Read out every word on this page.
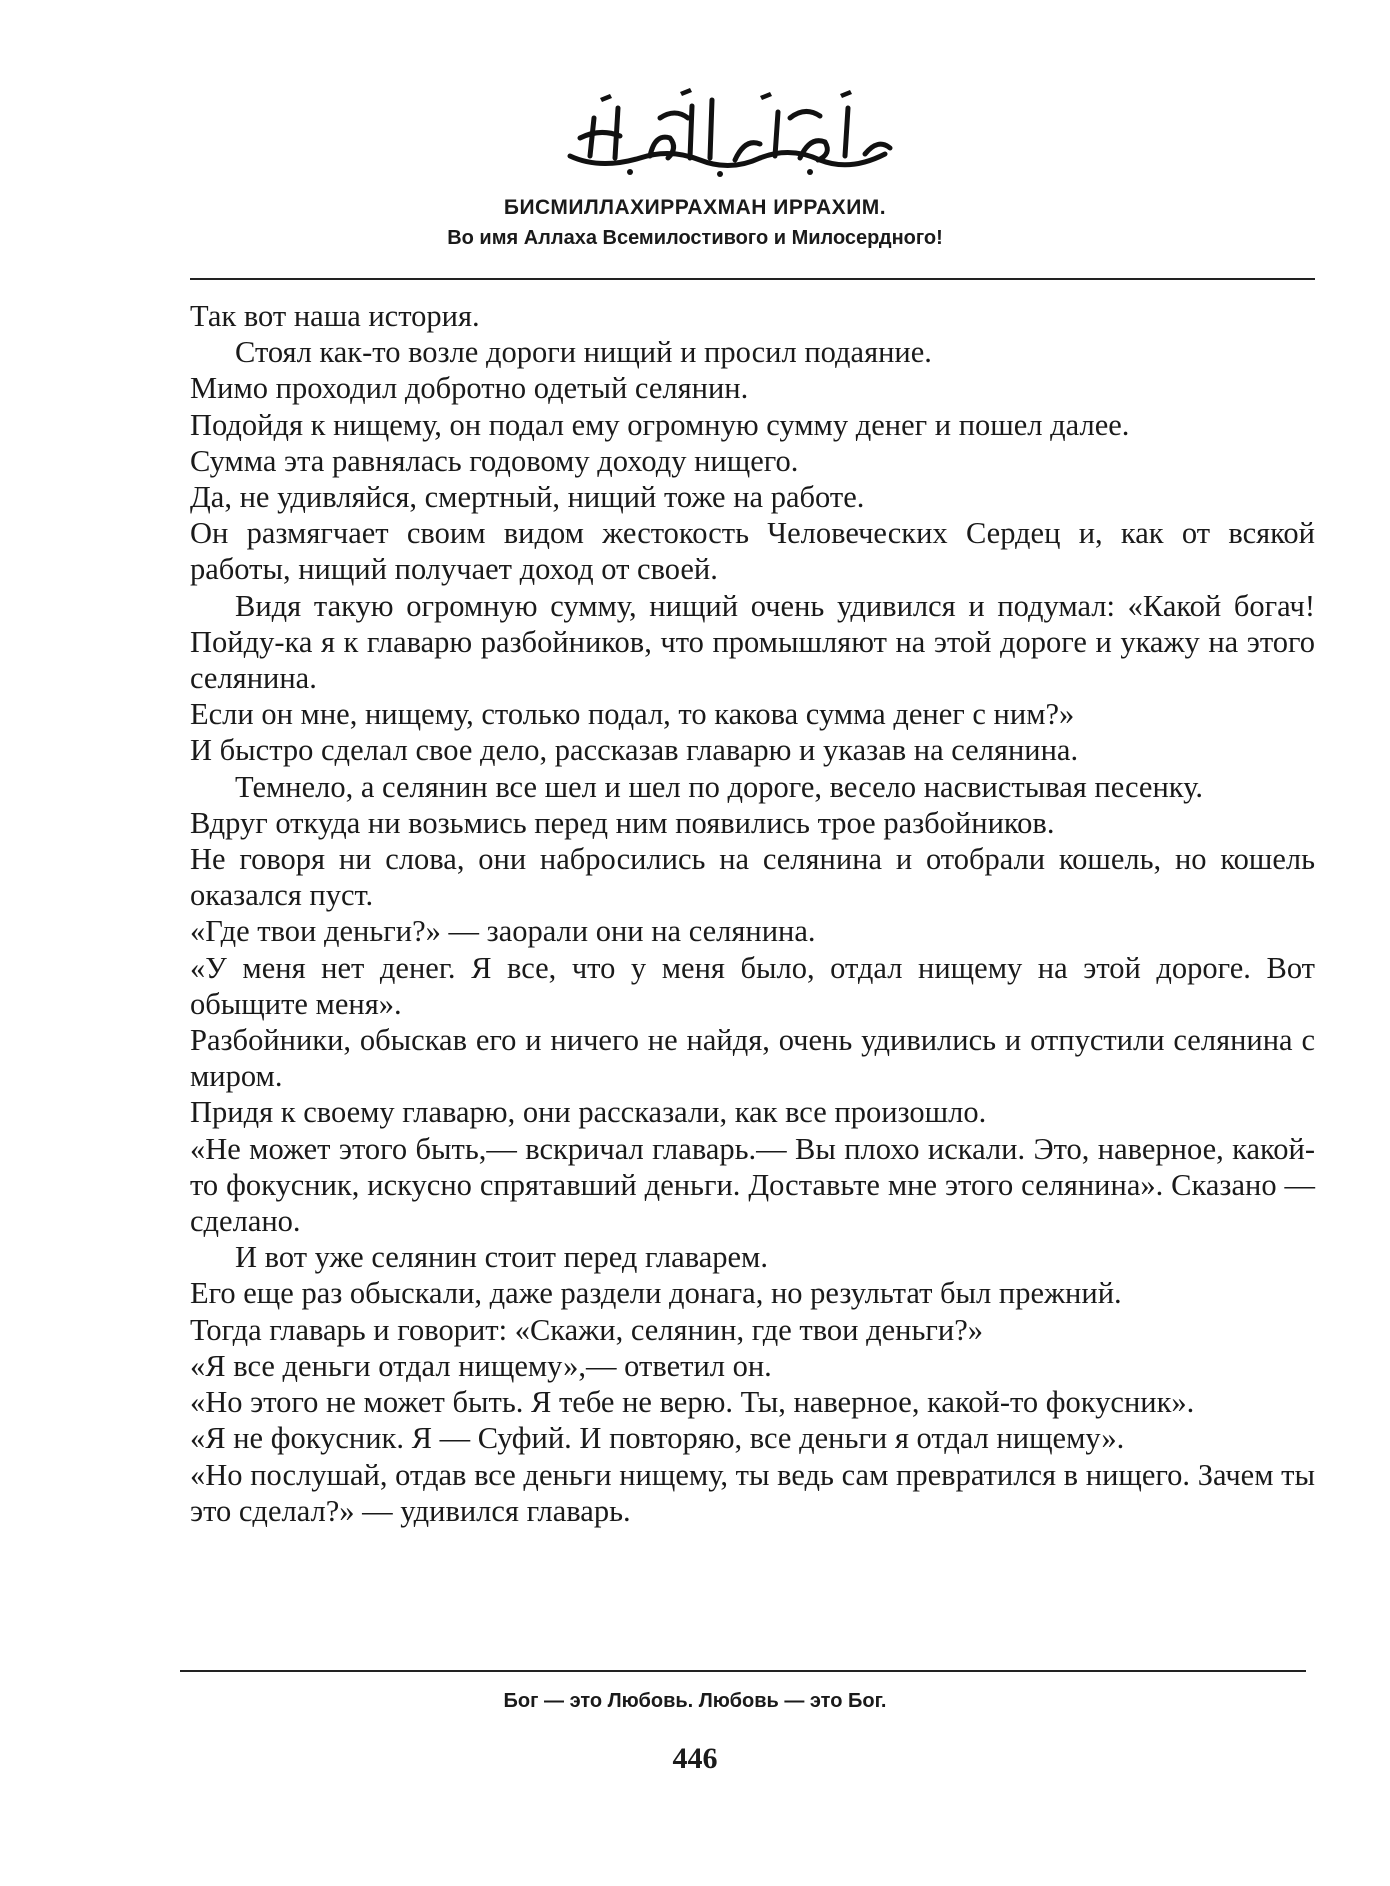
БИСМИЛЛАХИРРАХМАН ИРРАХИМ.
Во имя Аллаха Всемилостивого и Милосердного!

Так вот наша история.

Стоял как-то возле дороги нищий и просил подаяние.

Мимо проходил добротно одетый селянин.

Подойдя к нищему, он подал ему огромную сумму денег и пошел далее.

Сумма эта равнялась годовому доходу нищего.

Да, не удивляйся, смертный, нищий тоже на работе.

Он размягчает своим видом жестокость Человеческих Сердец и, как от всякой работы, нищий получает доход от своей.

Видя такую огромную сумму, нищий очень удивился и подумал: «Какой богач! Пойду-ка я к главарю разбойников, что промышляют на этой дороге и укажу на этого селянина.

Если он мне, нищему, столько подал, то какова сумма денег с ним?»

И быстро сделал свое дело, рассказав главарю и указав на селянина.

Темнело, а селянин все шел и шел по дороге, весело насвистывая песенку.

Вдруг откуда ни возьмись перед ним появились трое разбойников.

Не говоря ни слова, они набросились на селянина и отобрали кошель, но кошель оказался пуст.

«Где твои деньги?» — заорали они на селянина.

«У меня нет денег. Я все, что у меня было, отдал нищему на этой дороге. Вот обыщите меня».

Разбойники, обыскав его и ничего не найдя, очень удивились и отпустили селянина с миром.

Придя к своему главарю, они рассказали, как все произошло.

«Не может этого быть,— вскричал главарь.— Вы плохо искали. Это, наверное, какой-то фокусник, искусно спрятавший деньги. Доставьте мне этого селянина». Сказано — сделано.

И вот уже селянин стоит перед главарем.

Его еще раз обыскали, даже раздели донага, но результат был прежний.

Тогда главарь и говорит: «Скажи, селянин, где твои деньги?»

«Я все деньги отдал нищему»,— ответил он.

«Но этого не может быть. Я тебе не верю. Ты, наверное, какой-то фокусник».

«Я не фокусник. Я — Суфий. И повторяю, все деньги я отдал нищему».

«Но послушай, отдав все деньги нищему, ты ведь сам превратился в нищего. Зачем ты это сделал?» — удивился главарь.

Бог — это Любовь. Любовь — это Бог.
446
